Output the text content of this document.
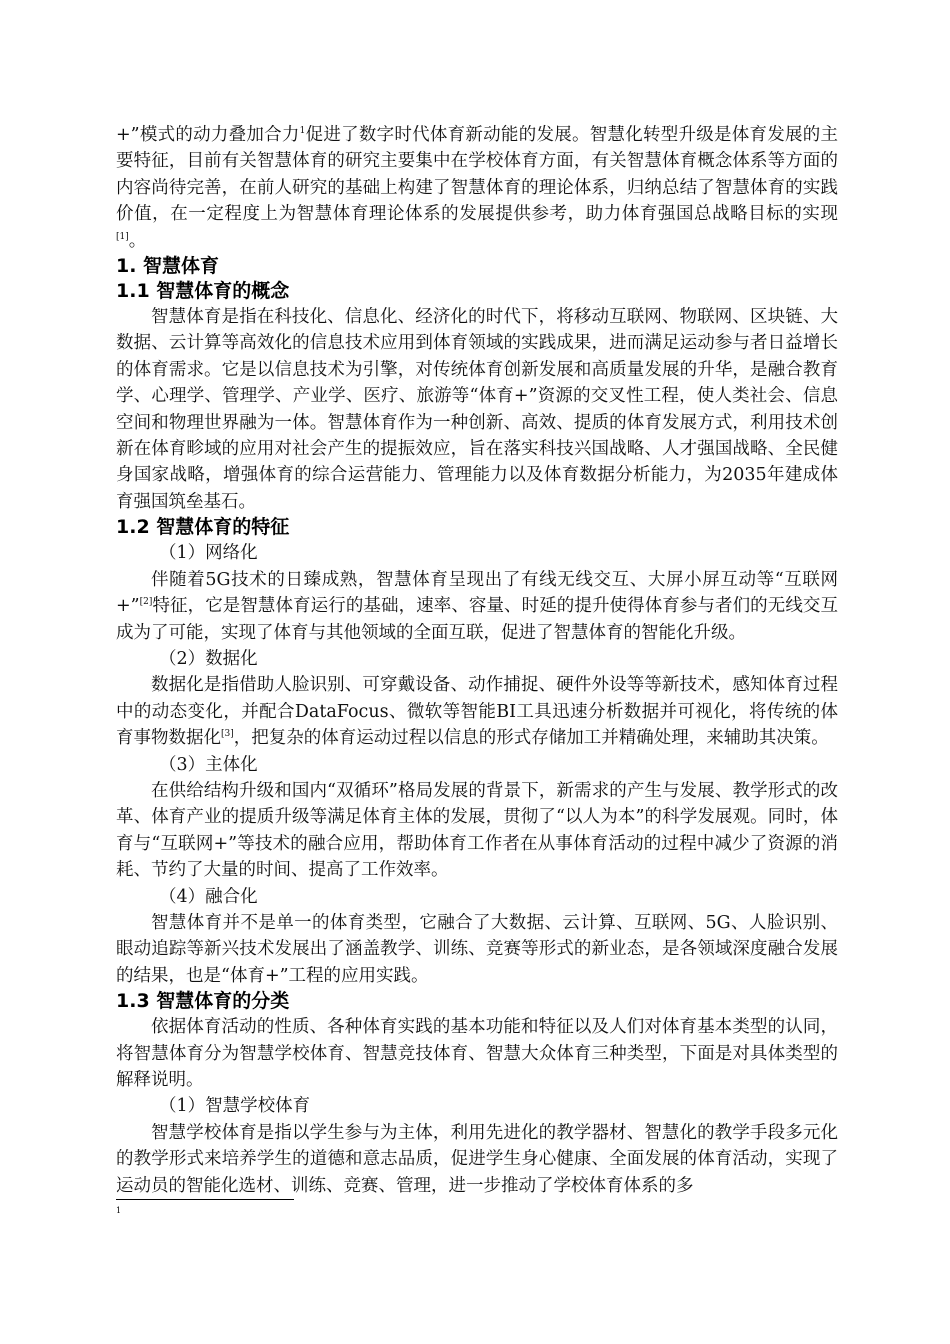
+”模式的动力叠加合力$^1$促进了数字时代体育新动能的发展。智慧化转型升级是体育发展的主要特征，目前有关智慧体育的研究主要集中在学校体育方面，有关智慧体育概念体系等方面的内容尚待完善，在前人研究的基础上构建了智慧体育的理论体系，归纳总结了智慧体育的实践价值，在一定程度上为智慧体育理论体系的发展提供参考，助力体育强国总战略目标的实现[1]。

1. 智慧体育
1.1 智慧体育的概念

智慧体育是指在科技化、信息化、经济化的时代下，将移动互联网、物联网、区块链、大数据、云计算等高效化的信息技术应用到体育领域的实践成果，进而满足运动参与者日益增长的体育需求。它是以信息技术为引擎，对传统体育创新发展和高质量发展的升华，是融合教育学、心理学、管理学、产业学、医疗、旅游等“体育+”资源的交叉性工程，使人类社会、信息空间和物理世界融为一体。智慧体育作为一种创新、高效、提质的体育发展方式，利用技术创新在体育畛域的应用对社会产生的提振效应，旨在落实科技兴国战略、人才强国战略、全民健身国家战略，增强体育的综合运营能力、管理能力以及体育数据分析能力，为2035年建成体育强国筑垒基石。

1.2 智慧体育的特征

（1）网络化

伴随着5G技术的日臻成熟，智慧体育呈现出了有线无线交互、大屏小屏互动等“互联网+”[2]特征，它是智慧体育运行的基础，速率、容量、时延的提升使得体育参与者们的无线交互成为了可能，实现了体育与其他领域的全面互联，促进了智慧体育的智能化升级。

（2）数据化

数据化是指借助人脸识别、可穿戴设备、动作捕捉、硬件外设等等新技术，感知体育过程中的动态变化，并配合DataFocus、微软等智能BI工具迅速分析数据并可视化，将传统的体育事物数据化[3]，把复杂的体育运动过程以信息的形式存储加工并精确处理，来辅助其决策。

（3）主体化

在供给结构升级和国内“双循环”格局发展的背景下，新需求的产生与发展、教学形式的改革、体育产业的提质升级等满足体育主体的发展，贯彻了“以人为本”的科学发展观。同时，体育与“互联网+”等技术的融合应用，帮助体育工作者在从事体育活动的过程中减少了资源的消耗、节约了大量的时间、提高了工作效率。

（4）融合化

智慧体育并不是单一的体育类型，它融合了大数据、云计算、互联网、5G、人脸识别、眼动追踪等新兴技术发展出了涵盖教学、训练、竞赛等形式的新业态，是各领域深度融合发展的结果，也是“体育+”工程的应用实践。

1.3 智慧体育的分类

依据体育活动的性质、各种体育实践的基本功能和特征以及人们对体育基本类型的认同，将智慧体育分为智慧学校体育、智慧竞技体育、智慧大众体育三种类型，下面是对具体类型的解释说明。

（1）智慧学校体育

智慧学校体育是指以学生参与为主体，利用先进化的教学器材、智慧化的教学手段多元化的教学形式来培养学生的道德和意志品质，促进学生身心健康、全面发展的体育活动，实现了运动员的智能化选材、训练、竞赛、管理，进一步推动了学校体育体系的多

1
